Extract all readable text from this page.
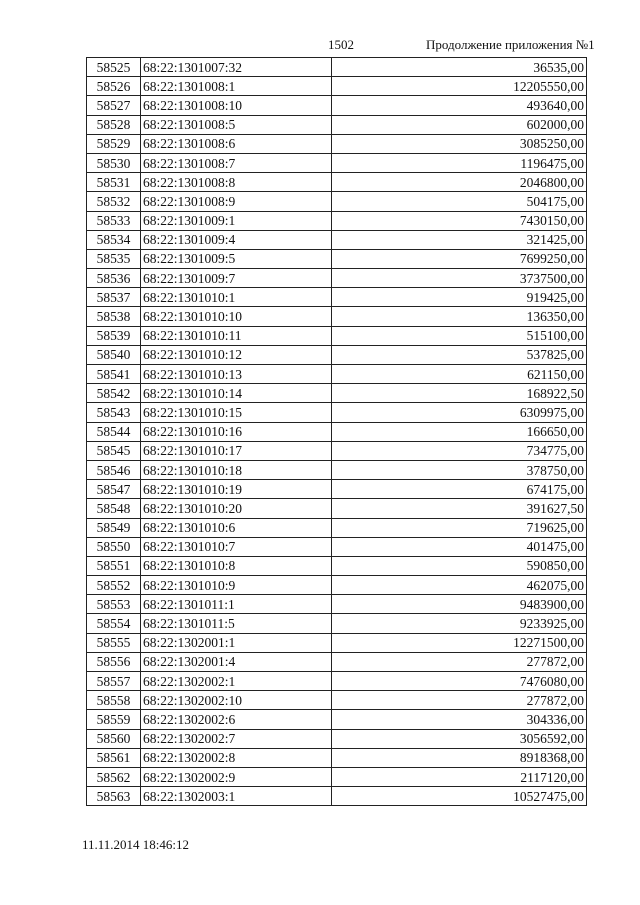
1502	Продолжение приложения №1
58525	68:22:1301007:32	36535,00
58526	68:22:1301008:1	12205550,00
58527	68:22:1301008:10	493640,00
58528	68:22:1301008:5	602000,00
58529	68:22:1301008:6	3085250,00
58530	68:22:1301008:7	1196475,00
58531	68:22:1301008:8	2046800,00
58532	68:22:1301008:9	504175,00
58533	68:22:1301009:1	7430150,00
58534	68:22:1301009:4	321425,00
58535	68:22:1301009:5	7699250,00
58536	68:22:1301009:7	3737500,00
58537	68:22:1301010:1	919425,00
58538	68:22:1301010:10	136350,00
58539	68:22:1301010:11	515100,00
58540	68:22:1301010:12	537825,00
58541	68:22:1301010:13	621150,00
58542	68:22:1301010:14	168922,50
58543	68:22:1301010:15	6309975,00
58544	68:22:1301010:16	166650,00
58545	68:22:1301010:17	734775,00
58546	68:22:1301010:18	378750,00
58547	68:22:1301010:19	674175,00
58548	68:22:1301010:20	391627,50
58549	68:22:1301010:6	719625,00
58550	68:22:1301010:7	401475,00
58551	68:22:1301010:8	590850,00
58552	68:22:1301010:9	462075,00
58553	68:22:1301011:1	9483900,00
58554	68:22:1301011:5	9233925,00
58555	68:22:1302001:1	12271500,00
58556	68:22:1302001:4	277872,00
58557	68:22:1302002:1	7476080,00
58558	68:22:1302002:10	277872,00
58559	68:22:1302002:6	304336,00
58560	68:22:1302002:7	3056592,00
58561	68:22:1302002:8	8918368,00
58562	68:22:1302002:9	2117120,00
58563	68:22:1302003:1	10527475,00
11.11.2014 18:46:12
